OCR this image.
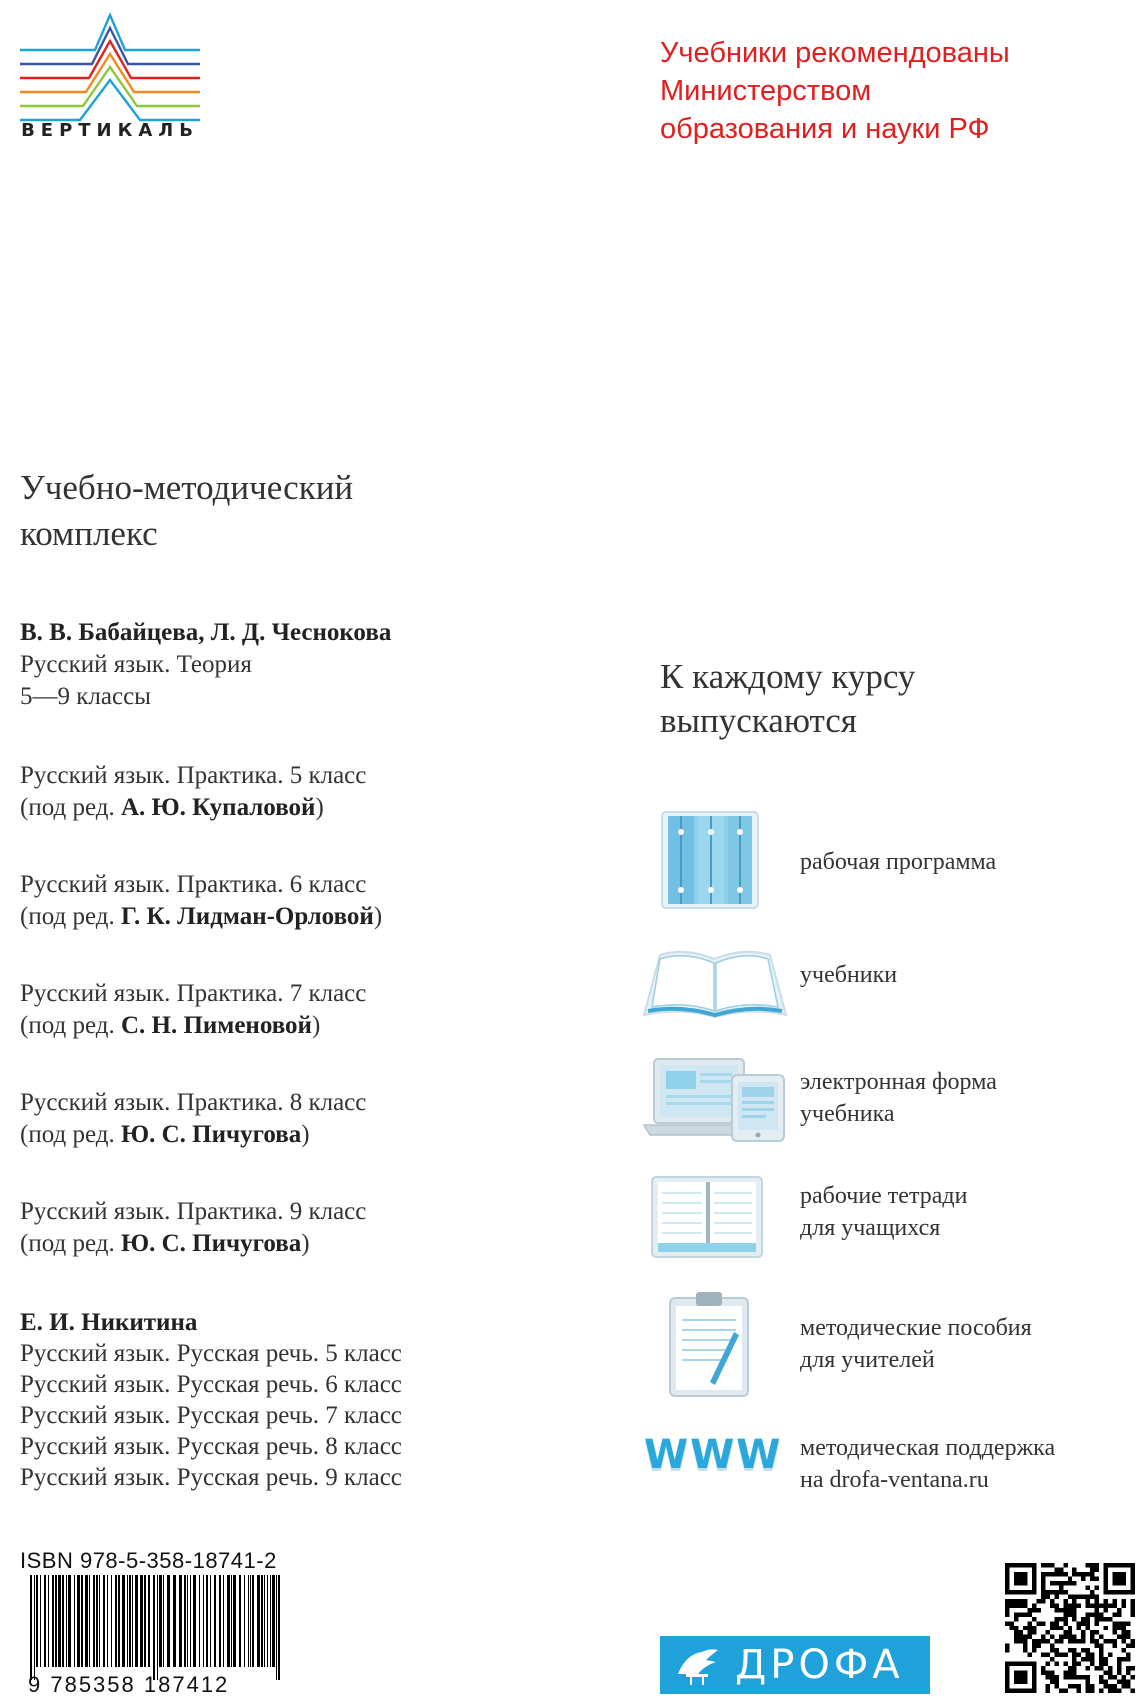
ВЕРТИКАЛЬ
Учебники рекомендованы
Министерством
образования и науки РФ
Учебно-методический
комплекс
В. В. Бабайцева, Л. Д. Чеснокова
Русский язык. Теория
5—9 классы
Русский язык. Практика. 5 класс
(под ред. А. Ю. Купаловой)
Русский язык. Практика. 6 класс
(под ред. Г. К. Лидман-Орловой)
Русский язык. Практика. 7 класс
(под ред. С. Н. Пименовой)
Русский язык. Практика. 8 класс
(под ред. Ю. С. Пичугова)
Русский язык. Практика. 9 класс
(под ред. Ю. С. Пичугова)
Е. И. Никитина
Русский язык. Русская речь. 5 класс
Русский язык. Русская речь. 6 класс
Русский язык. Русская речь. 7 класс
Русский язык. Русская речь. 8 класс
Русский язык. Русская речь. 9 класс
К каждому курсу
выпускаются
рабочая программа
учебники
электронная форма
учебника
рабочие тетради
для учащихся
методические пособия
для учителей
WWW методическая поддержка
на drofa-ventana.ru
ISBN 978-5-358-18741-2
9 785358 187412	ДРОФА
